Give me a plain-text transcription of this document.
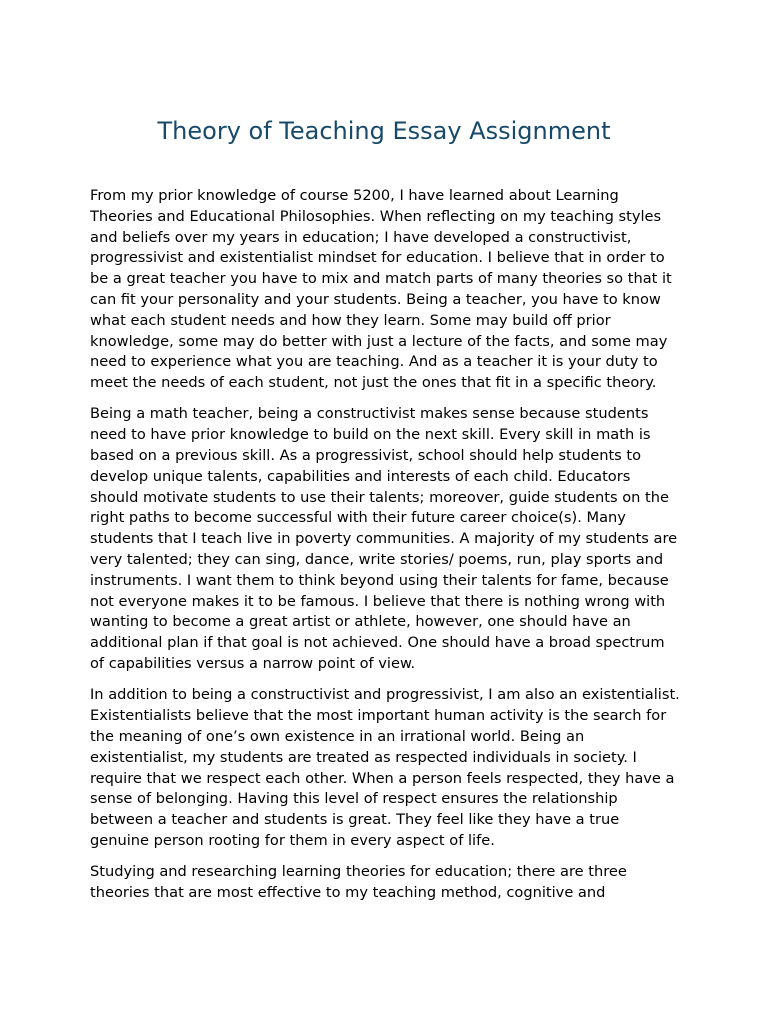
Theory of Teaching Essay Assignment

From my prior knowledge of course 5200, I have learned about Learning Theories and Educational Philosophies. When reflecting on my teaching styles and beliefs over my years in education; I have developed a constructivist, progressivist and existentialist mindset for education. I believe that in order to be a great teacher you have to mix and match parts of many theories so that it can fit your personality and your students. Being a teacher, you have to know what each student needs and how they learn. Some may build off prior knowledge, some may do better with just a lecture of the facts, and some may need to experience what you are teaching. And as a teacher it is your duty to meet the needs of each student, not just the ones that fit in a specific theory.

Being a math teacher, being a constructivist makes sense because students need to have prior knowledge to build on the next skill. Every skill in math is based on a previous skill. As a progressivist, school should help students to develop unique talents, capabilities and interests of each child. Educators should motivate students to use their talents; moreover, guide students on the right paths to become successful with their future career choice(s). Many students that I teach live in poverty communities. A majority of my students are very talented; they can sing, dance, write stories/ poems, run, play sports and instruments. I want them to think beyond using their talents for fame, because not everyone makes it to be famous. I believe that there is nothing wrong with wanting to become a great artist or athlete, however, one should have an additional plan if that goal is not achieved. One should have a broad spectrum of capabilities versus a narrow point of view.

In addition to being a constructivist and progressivist, I am also an existentialist. Existentialists believe that the most important human activity is the search for the meaning of one’s own existence in an irrational world. Being an existentialist, my students are treated as respected individuals in society. I require that we respect each other. When a person feels respected, they have a sense of belonging. Having this level of respect ensures the relationship between a teacher and students is great. They feel like they have a true genuine person rooting for them in every aspect of life.

Studying and researching learning theories for education; there are three theories that are most effective to my teaching method, cognitive and
